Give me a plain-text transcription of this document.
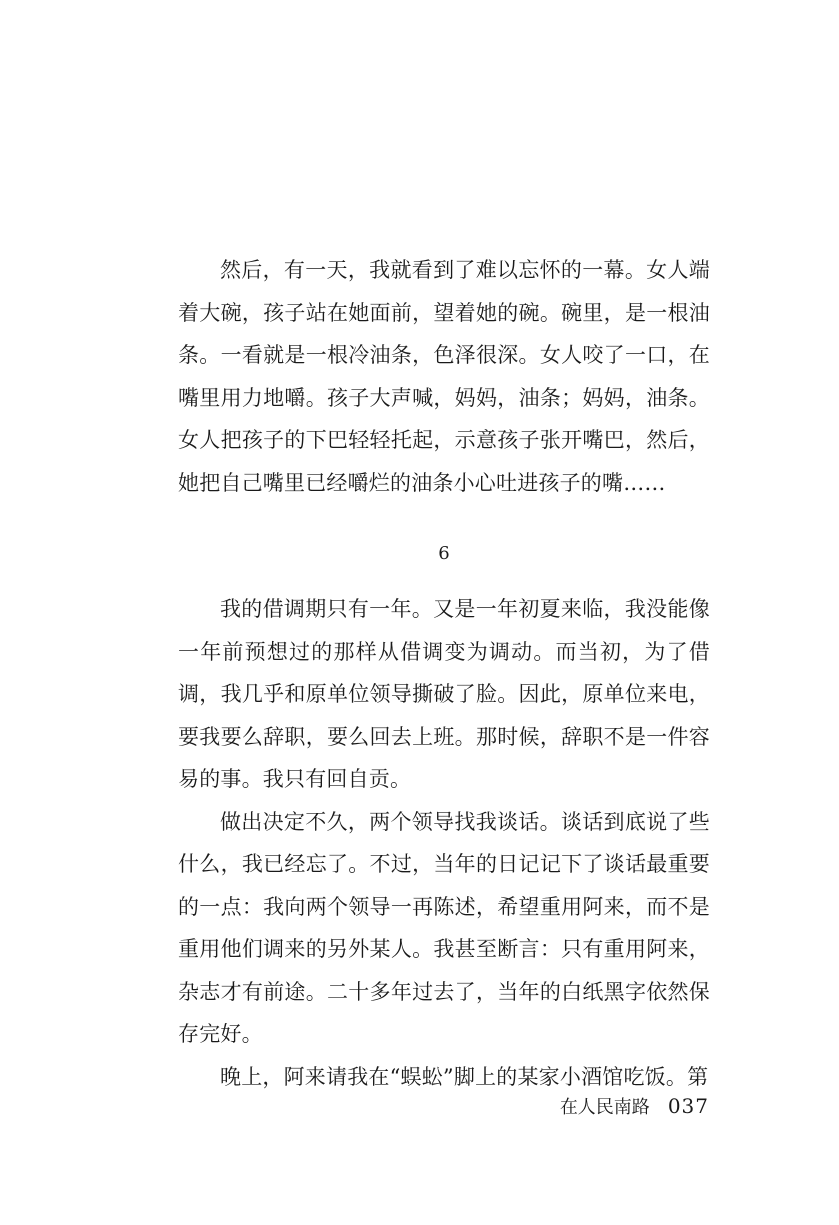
然后，有一天，我就看到了难以忘怀的一幕。女人端着大碗，孩子站在她面前，望着她的碗。碗里，是一根油条。一看就是一根冷油条，色泽很深。女人咬了一口，在嘴里用力地嚼。孩子大声喊，妈妈，油条；妈妈，油条。女人把孩子的下巴轻轻托起，示意孩子张开嘴巴，然后，她把自己嘴里已经嚼烂的油条小心吐进孩子的嘴……

6

我的借调期只有一年。又是一年初夏来临，我没能像一年前预想过的那样从借调变为调动。而当初，为了借调，我几乎和原单位领导撕破了脸。因此，原单位来电，要我要么辞职，要么回去上班。那时候，辞职不是一件容易的事。我只有回自贡。

做出决定不久，两个领导找我谈话。谈话到底说了些什么，我已经忘了。不过，当年的日记记下了谈话最重要的一点：我向两个领导一再陈述，希望重用阿来，而不是重用他们调来的另外某人。我甚至断言：只有重用阿来，杂志才有前途。二十多年过去了，当年的白纸黑字依然保存完好。

晚上，阿来请我在“蜈蚣”脚上的某家小酒馆吃饭。第

在人民南路 037
